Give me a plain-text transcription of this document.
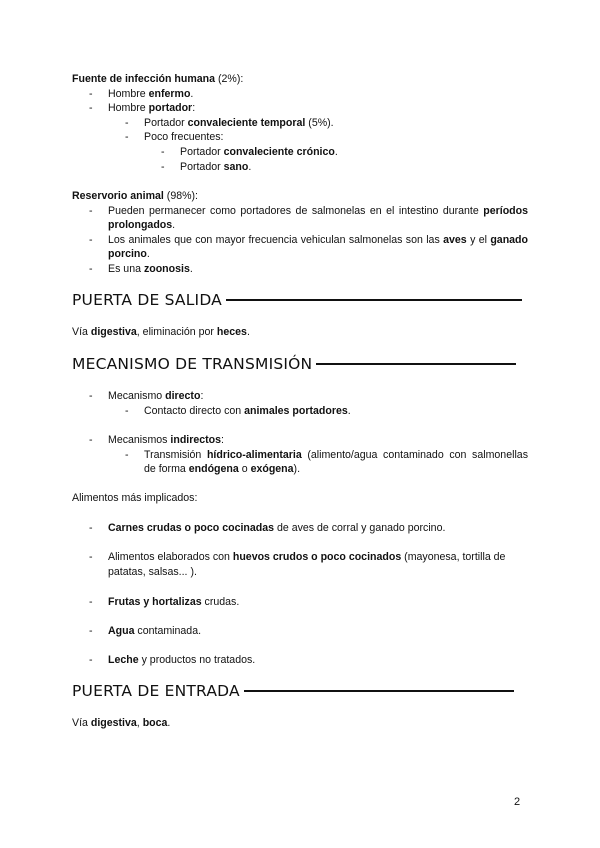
Fuente de infección humana (2%):

- Hombre enfermo.
- Hombre portador:
- Portador convaleciente temporal (5%).
- Poco frecuentes:
- Portador convaleciente crónico.
- Portador sano.

Reservorio animal (98%):

- Pueden permanecer como portadores de salmonelas en el intestino durante períodos prolongados.
- Los animales que con mayor frecuencia vehiculan salmonelas son las aves y el ganado porcino.
- Es una zoonosis.
PUERTA DE SALIDA

Vía digestiva, eliminación por heces.

MECANISMO DE TRANSMISIÓN
- Mecanismo directo:
- Contacto directo con animales portadores.
- Mecanismos indirectos:
- Transmisión hídrico-alimentaria (alimento/agua contaminado con salmonellas de forma endógena o exógena).

Alimentos más implicados:

- Carnes crudas o poco cocinadas de aves de corral y ganado porcino.
- Alimentos elaborados con huevos crudos o poco cocinados (mayonesa, tortilla de patatas, salsas... ).
- Frutas y hortalizas crudas.
- Agua contaminada.
- Leche y productos no tratados.
PUERTA DE ENTRADA

Vía digestiva, boca.

2
